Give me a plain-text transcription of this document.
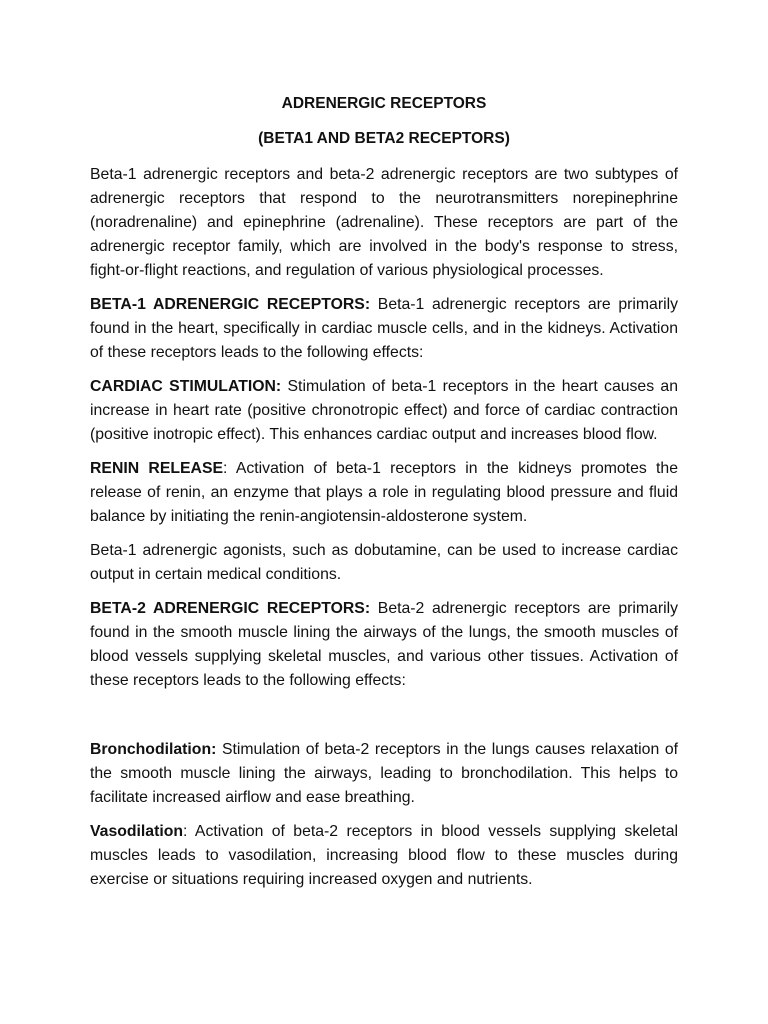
ADRENERGIC RECEPTORS
(BETA1 AND BETA2 RECEPTORS)

Beta-1 adrenergic receptors and beta-2 adrenergic receptors are two subtypes of adrenergic receptors that respond to the neurotransmitters norepinephrine (noradrenaline) and epinephrine (adrenaline). These receptors are part of the adrenergic receptor family, which are involved in the body's response to stress, fight-or-flight reactions, and regulation of various physiological processes.

BETA-1 ADRENERGIC RECEPTORS: Beta-1 adrenergic receptors are primarily found in the heart, specifically in cardiac muscle cells, and in the kidneys. Activation of these receptors leads to the following effects:

CARDIAC STIMULATION: Stimulation of beta-1 receptors in the heart causes an increase in heart rate (positive chronotropic effect) and force of cardiac contraction (positive inotropic effect). This enhances cardiac output and increases blood flow.

RENIN RELEASE: Activation of beta-1 receptors in the kidneys promotes the release of renin, an enzyme that plays a role in regulating blood pressure and fluid balance by initiating the renin-angiotensin-aldosterone system.

Beta-1 adrenergic agonists, such as dobutamine, can be used to increase cardiac output in certain medical conditions.

BETA-2 ADRENERGIC RECEPTORS: Beta-2 adrenergic receptors are primarily found in the smooth muscle lining the airways of the lungs, the smooth muscles of blood vessels supplying skeletal muscles, and various other tissues. Activation of these receptors leads to the following effects:

Bronchodilation: Stimulation of beta-2 receptors in the lungs causes relaxation of the smooth muscle lining the airways, leading to bronchodilation. This helps to facilitate increased airflow and ease breathing.

Vasodilation: Activation of beta-2 receptors in blood vessels supplying skeletal muscles leads to vasodilation, increasing blood flow to these muscles during exercise or situations requiring increased oxygen and nutrients.
